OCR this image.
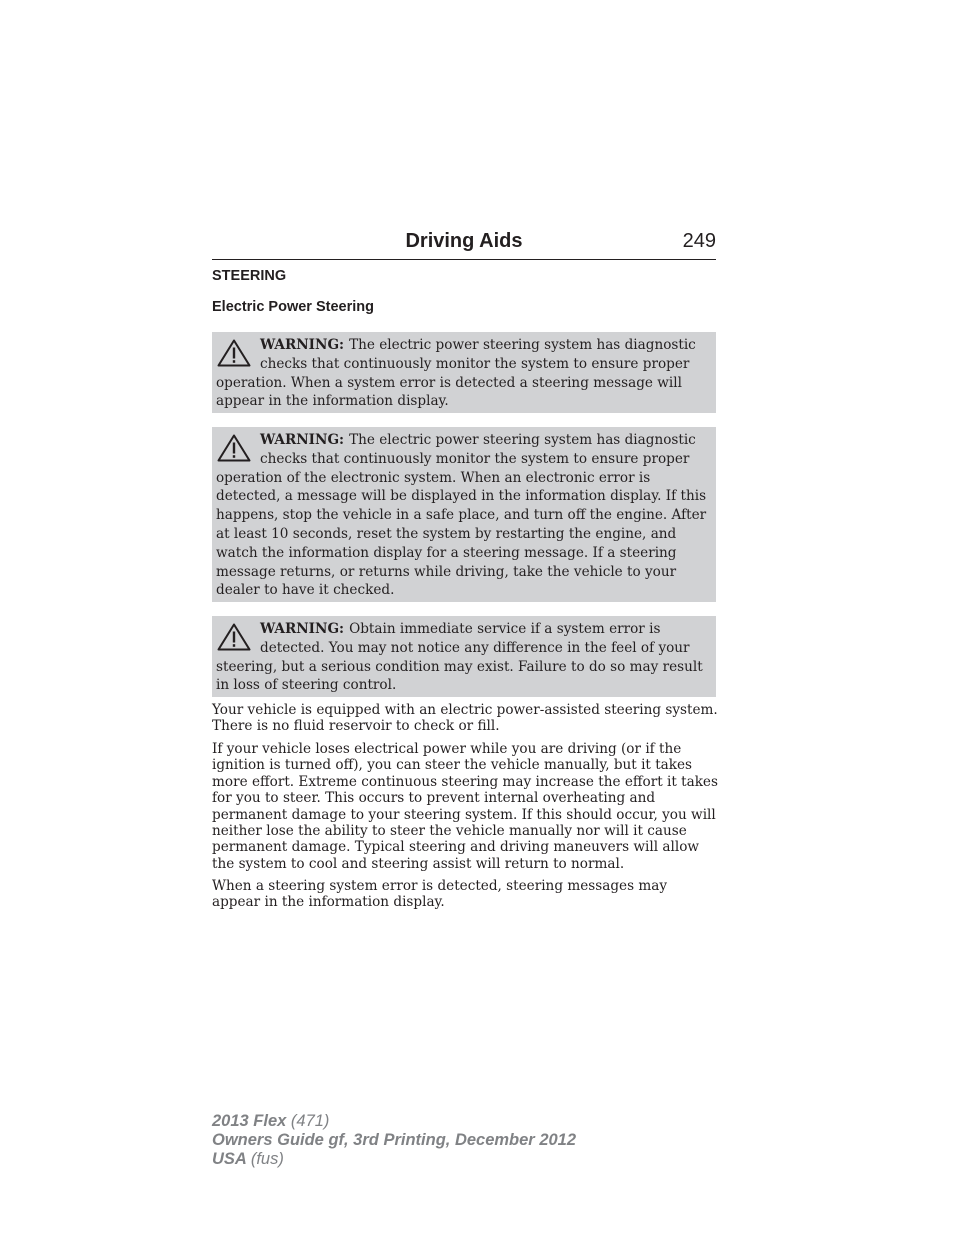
Driving Aids	249
STEERING
Electric Power Steering
WARNING: The electric power steering system has diagnostic checks that continuously monitor the system to ensure proper operation. When a system error is detected a steering message will appear in the information display.
WARNING: The electric power steering system has diagnostic checks that continuously monitor the system to ensure proper operation of the electronic system. When an electronic error is detected, a message will be displayed in the information display. If this happens, stop the vehicle in a safe place, and turn off the engine. After at least 10 seconds, reset the system by restarting the engine, and watch the information display for a steering message. If a steering message returns, or returns while driving, take the vehicle to your dealer to have it checked.
WARNING: Obtain immediate service if a system error is detected. You may not notice any difference in the feel of your steering, but a serious condition may exist. Failure to do so may result in loss of steering control.
Your vehicle is equipped with an electric power-assisted steering system. There is no fluid reservoir to check or fill.
If your vehicle loses electrical power while you are driving (or if the ignition is turned off), you can steer the vehicle manually, but it takes more effort. Extreme continuous steering may increase the effort it takes for you to steer. This occurs to prevent internal overheating and permanent damage to your steering system. If this should occur, you will neither lose the ability to steer the vehicle manually nor will it cause permanent damage. Typical steering and driving maneuvers will allow the system to cool and steering assist will return to normal.
When a steering system error is detected, steering messages may appear in the information display.
2013 Flex (471)
Owners Guide gf, 3rd Printing, December 2012
USA (fus)
